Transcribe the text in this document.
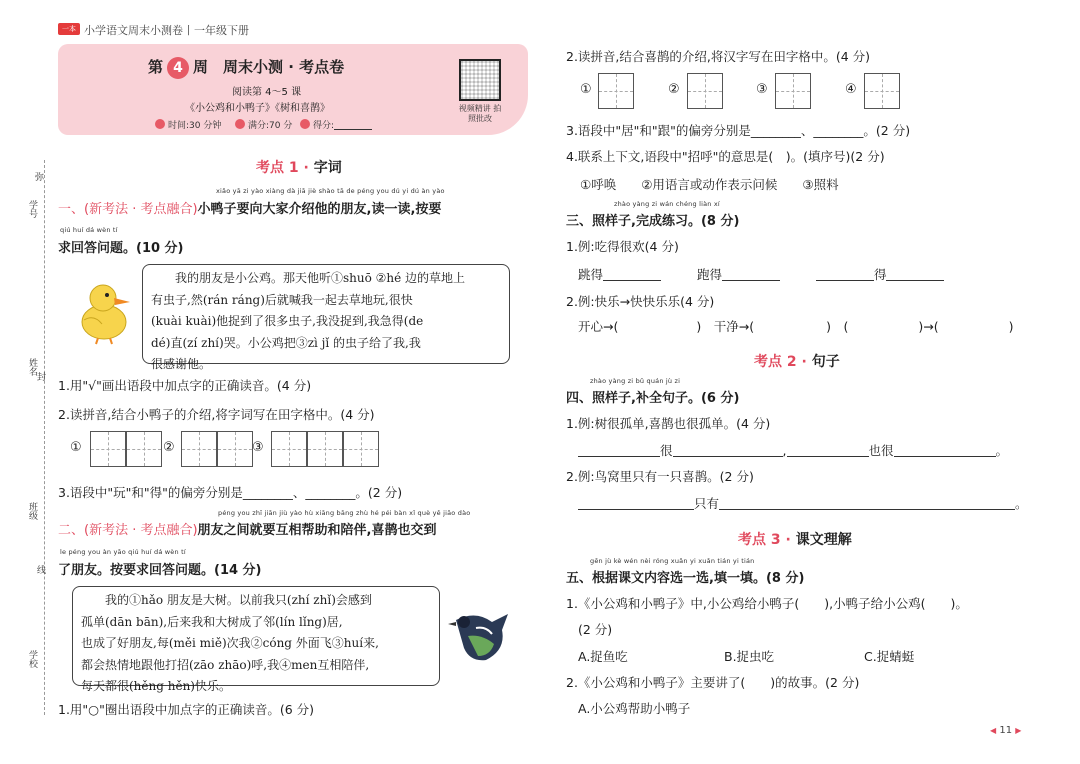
一本 小学语文周末小测卷丨一年级下册
第 4 周　周末小测 · 考点卷
阅读第 4～5 课
《小公鸡和小鸭子》《树和喜鹊》
时间:30 分钟	满分:70 分	得分:
视频精讲 拍照批改
弥
学号
姓名
封
班级
线
学校
考点 1 · 字词
xiǎo yā zi yào xiàng dà jiā jiè shào tā de péng you dú yi dú àn yào
一、(新考法 · 考点融合)小鸭子要向大家介绍他的朋友,读一读,按要
qiú huí dá wèn tí
求回答问题。(10 分)
　　我的朋友是小公鸡。那天他听①shuō ②hé 边的草地上
有虫子,然(rán ráng)后就喊我一起去草地玩,很快
(kuài kuài)他捉到了很多虫子,我没捉到,我急得(de
dé)直(zí zhí)哭。小公鸡把③zì jǐ 的虫子给了我,我
很感谢他。
1.用"√"画出语段中加点字的正确读音。(4 分)
2.读拼音,结合小鸭子的介绍,将字词写在田字格中。(4 分)
①	②	③
3.语段中"玩"和"得"的偏旁分别是________、________。(2 分)
péng you zhī jiān jiù yào hù xiāng bāng zhù hé péi bàn xǐ què yě jiāo dào
二、(新考法 · 考点融合)朋友之间就要互相帮助和陪伴,喜鹊也交到
le péng you àn yāo qiú huí dá wèn tí
了朋友。按要求回答问题。(14 分)
　　我的①hǎo 朋友是大树。以前我只(zhí zhǐ)会感到
孤单(dān bān),后来我和大树成了邻(lín lǐng)居,
也成了好朋友,每(měi miě)次我②cóng 外面飞③huí来,
都会热情地跟他打招(zāo zhāo)呼,我④men互相陪伴,
每天都很(hěng hěn)快乐。
1.用"○"圈出语段中加点字的正确读音。(6 分)
2.读拼音,结合喜鹊的介绍,将汉字写在田字格中。(4 分)
①	②	③	④
3.语段中"居"和"跟"的偏旁分别是________、________。(2 分)
4.联系上下文,语段中"招呼"的意思是(　)。(填序号)(2 分)
①呼唤　　②用语言或动作表示问候　　③照料
zhào yàng zi wán chéng liàn xí
三、照样子,完成练习。(8 分)
1.例:吃得很欢(4 分)
跳得	跑得	得
2.例:快乐→快快乐乐(4 分)
开心→(	)　干净→(	)　(	)→(	)
考点 2 · 句子
zhào yàng zi bǔ quán jù zi
四、照样子,补全句子。(6 分)
1.例:树很孤单,喜鹊也很孤单。(4 分)
很	,	也很	。
2.例:鸟窝里只有一只喜鹊。(2 分)
只有	。
考点 3 · 课文理解
gēn jù kè wén nèi róng xuǎn yi xuǎn tián yi tián
五、根据课文内容选一选,填一填。(8 分)
1.《小公鸡和小鸭子》中,小公鸡给小鸭子(　　),小鸭子给小公鸡(　　)。
(2 分)
A.捉鱼吃	B.捉虫吃	C.捉蜻蜓
2.《小公鸡和小鸭子》主要讲了(　　)的故事。(2 分)
A.小公鸡帮助小鸭子
◀ 11 ▶
